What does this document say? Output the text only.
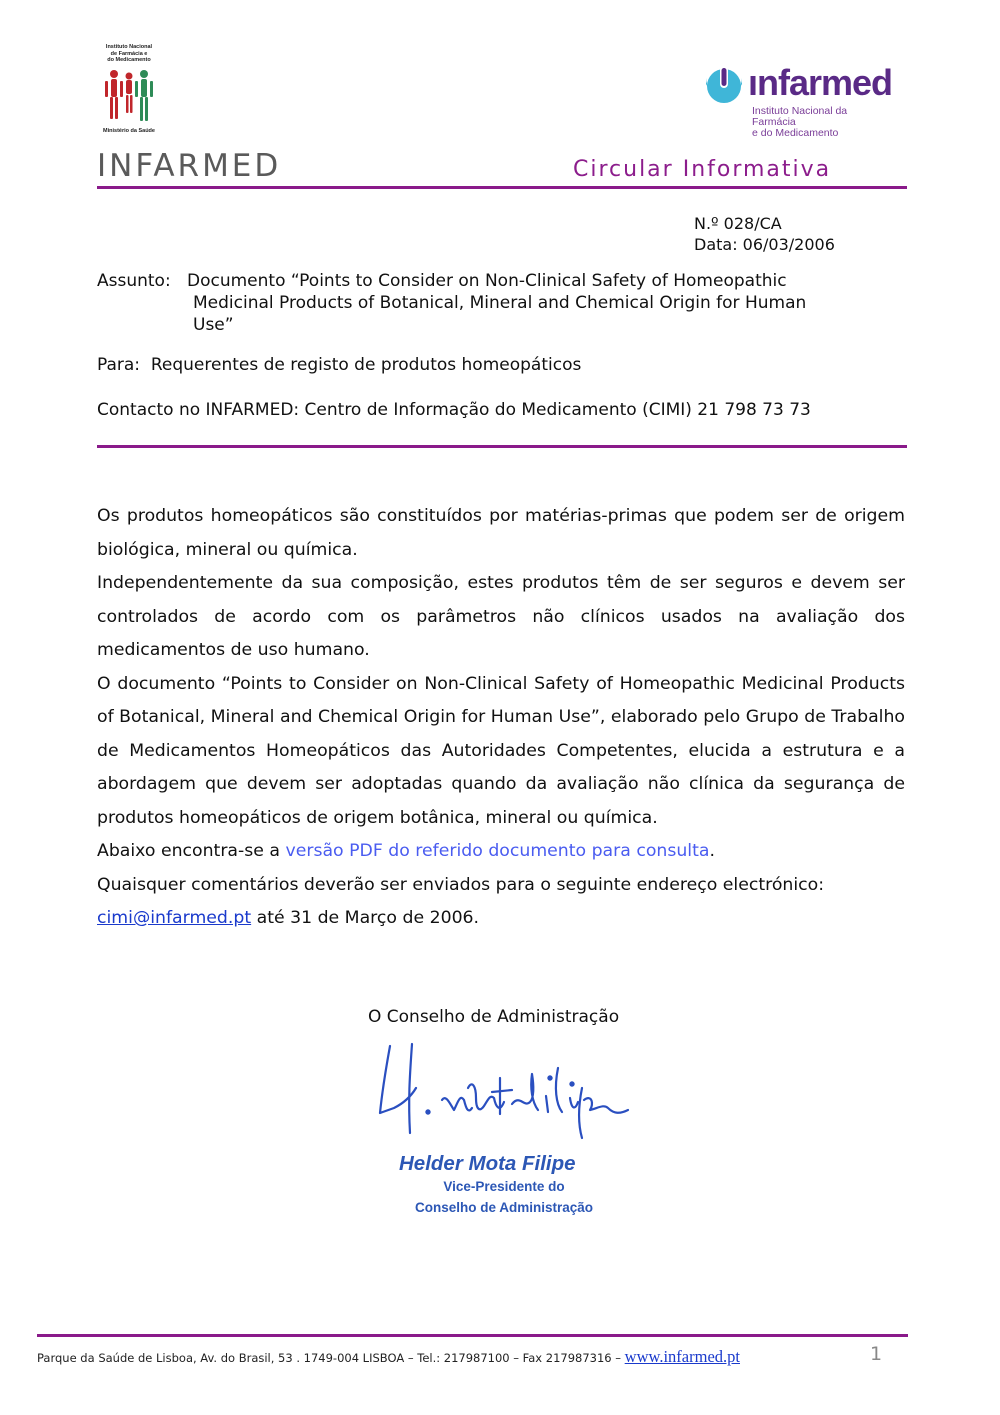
Instituto Nacional
de Farmácia e
do Medicamento
Ministério da Saúde
ınfarmed
Instituto Nacional da Farmácia
e do Medicamento
INFARMED	Circular Informativa
N.º 028/CA
Data: 06/03/2006
Assunto: Documento “Points to Consider on Non-Clinical Safety of Homeopathic
Medicinal Products of Botanical, Mineral and Chemical Origin for Human
Use”
Para:  Requerentes de registo de produtos homeopáticos
Contacto no INFARMED: Centro de Informação do Medicamento (CIMI) 21 798 73 73

Os produtos homeopáticos são constituídos por matérias-primas que podem ser de origem biológica, mineral ou química.

Independentemente da sua composição, estes produtos têm de ser seguros e devem ser controlados de acordo com os parâmetros não clínicos usados na avaliação dos medicamentos de uso humano.

O documento “Points to Consider on Non-Clinical Safety of Homeopathic Medicinal Products of Botanical, Mineral and Chemical Origin for Human Use”, elaborado pelo Grupo de Trabalho de Medicamentos Homeopáticos das Autoridades Competentes, elucida a estrutura e a abordagem que devem ser adoptadas quando da avaliação não clínica da segurança de produtos homeopáticos de origem botânica, mineral ou química.

Abaixo encontra-se a versão PDF do referido documento para consulta.

Quaisquer comentários deverão ser enviados para o seguinte endereço electrónico:

cimi@infarmed.pt até 31 de Março de 2006.

O Conselho de Administração
Helder Mota Filipe
Vice-Presidente do
Conselho de Administração
Parque da Saúde de Lisboa, Av. do Brasil, 53 . 1749-004 LISBOA – Tel.: 217987100 – Fax 217987316 – www.infarmed.pt	1
